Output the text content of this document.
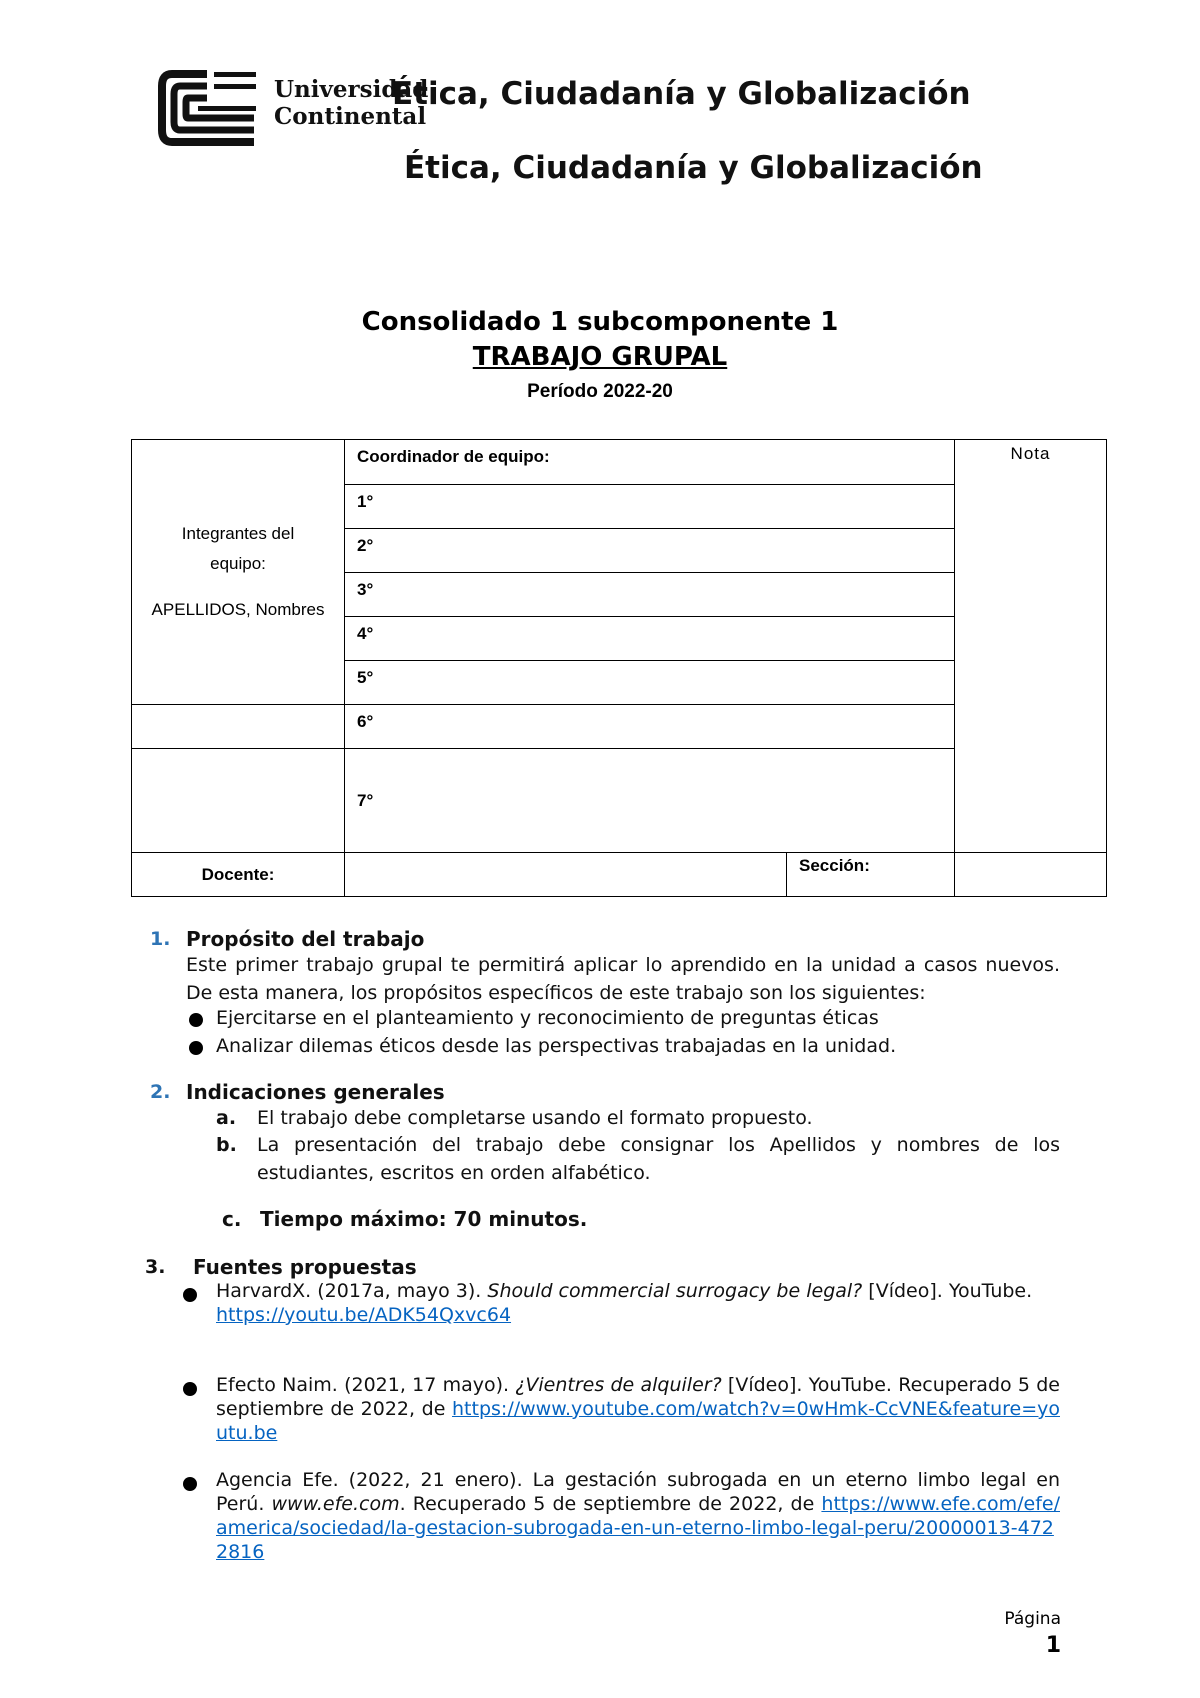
Universidad
Continental
Ética, Ciudadanía y Globalización
Ética, Ciudadanía y Globalización
Consolidado 1 subcomponente 1
TRABAJO GRUPAL
Período 2022-20
Integrantes del
equipo:
APELLIDOS, Nombres	Coordinador de equipo:		Nota
	1°		
	2°		
	3°		
	4°		
	5°		
	6°		
	7°		
Docente:		Sección:	
1. Propósito del trabajo
Este primer trabajo grupal te permitirá aplicar lo aprendido en la unidad a casos nuevos. De esta manera, los propósitos específicos de este trabajo son los siguientes:
Ejercitarse en el planteamiento y reconocimiento de preguntas éticas
Analizar dilemas éticos desde las perspectivas trabajadas en la unidad.
2. Indicaciones generales
a. El trabajo debe completarse usando el formato propuesto.
b. La presentación del trabajo debe consignar los Apellidos y nombres de los estudiantes, escritos en orden alfabético.
c. Tiempo máximo: 70 minutos.
3. Fuentes propuestas
HarvardX. (2017a, mayo 3). Should commercial surrogacy be legal? [Vídeo]. YouTube.
https://youtu.be/ADK54Qxvc64
Efecto Naim. (2021, 17 mayo). ¿Vientres de alquiler? [Vídeo]. YouTube. Recuperado 5 de septiembre de 2022, de https://www.youtube.com/watch?v=0wHmk-CcVNE&feature=youtu.be
Agencia Efe. (2022, 21 enero). La gestación subrogada en un eterno limbo legal en Perú. www.efe.com. Recuperado 5 de septiembre de 2022, de https://www.efe.com/efe/america/sociedad/la-gestacion-subrogada-en-un-eterno-limbo-legal-peru/20000013-4722816
Página
1
